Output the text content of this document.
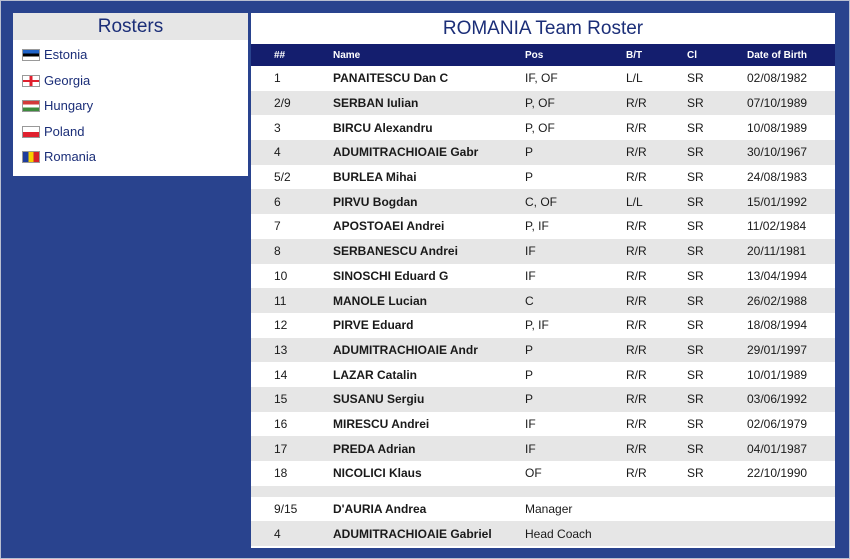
Rosters
Estonia
Georgia
Hungary
Poland
Romania
ROMANIA Team Roster
##	Name	Pos	B/T	Cl	Date of Birth
1	PANAITESCU Dan C	IF, OF	L/L	SR	02/08/1982
2/9	SERBAN Iulian	P, OF	R/R	SR	07/10/1989
3	BIRCU Alexandru	P, OF	R/R	SR	10/08/1989
4	ADUMITRACHIOAIE Gabr	P	R/R	SR	30/10/1967
5/2	BURLEA Mihai	P	R/R	SR	24/08/1983
6	PIRVU Bogdan	C, OF	L/L	SR	15/01/1992
7	APOSTOAEI Andrei	P, IF	R/R	SR	11/02/1984
8	SERBANESCU Andrei	IF	R/R	SR	20/11/1981
10	SINOSCHI Eduard G	IF	R/R	SR	13/04/1994
11	MANOLE Lucian	C	R/R	SR	26/02/1988
12	PIRVE Eduard	P, IF	R/R	SR	18/08/1994
13	ADUMITRACHIOAIE Andr	P	R/R	SR	29/01/1997
14	LAZAR Catalin	P	R/R	SR	10/01/1989
15	SUSANU Sergiu	P	R/R	SR	03/06/1992
16	MIRESCU Andrei	IF	R/R	SR	02/06/1979
17	PREDA Adrian	IF	R/R	SR	04/01/1987
18	NICOLICI Klaus	OF	R/R	SR	22/10/1990

9/15	D'AURIA Andrea	Manager			
4	ADUMITRACHIOAIE Gabriel	Head Coach			
